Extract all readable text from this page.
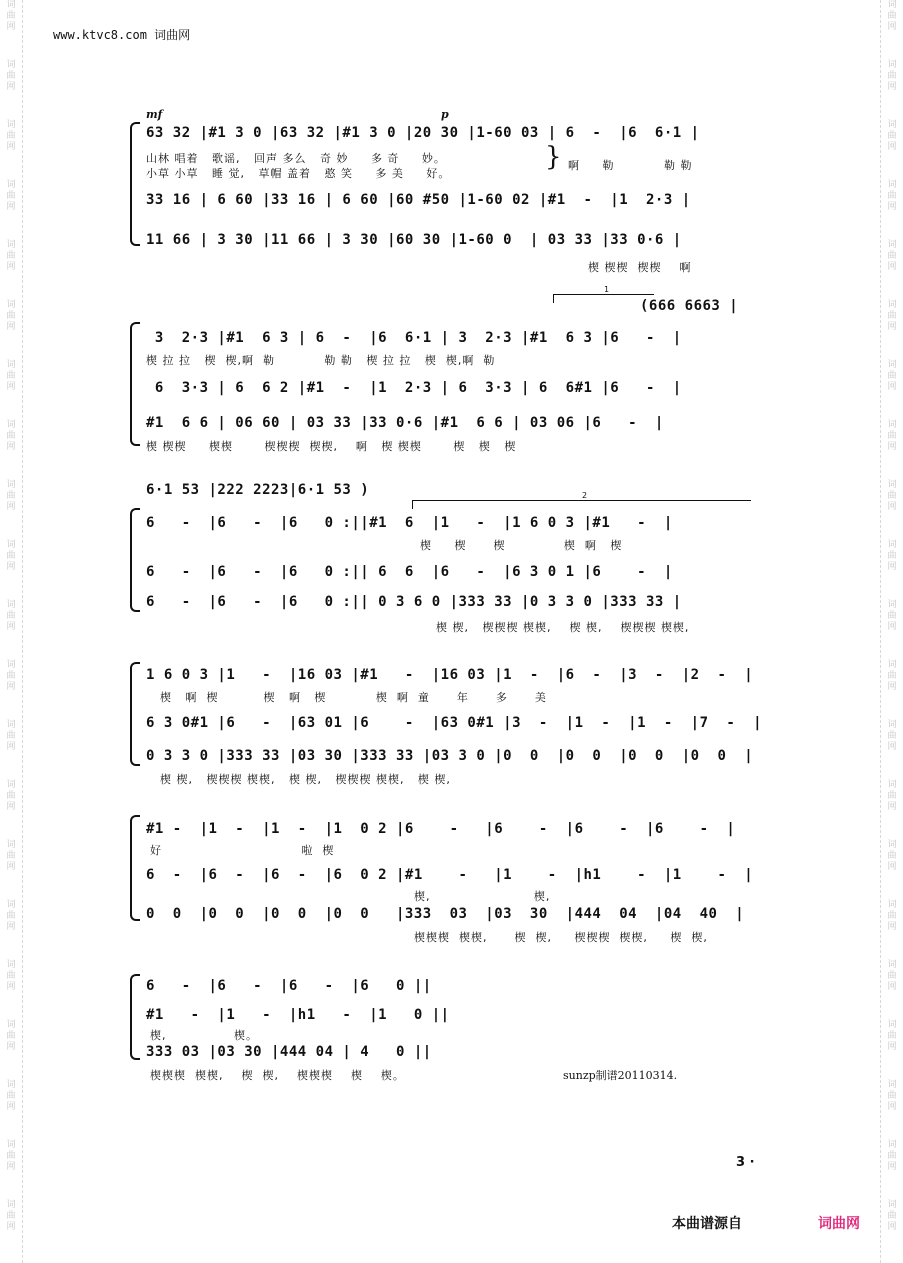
词
曲
网
词
曲
网
词
曲
网
词
曲
网
词
曲
网
词
曲
网
词
曲
网
词
曲
网
词
曲
网
词
曲
网
词
曲
网
词
曲
网
词
曲
网
词
曲
网
词
曲
网
词
曲
网
词
曲
网
词
曲
网
词
曲
网
词
曲
网
词
曲
网
词
曲
网
词
曲
网
词
曲
网
词
曲
网
词
曲
网
词
曲
网
词
曲
网
词
曲
网
词
曲
网
词
曲
网
词
曲
网
词
曲
网
词
曲
网
词
曲
网
词
曲
网
词
曲
网
词
曲
网
词
曲
网
词
曲
网
词
曲
网
词
曲
网
www.ktvc8.com 词曲网
mf	p
63 32 |#1 3 0 |63 32 |#1 3 0 |20 30 |1-60 03 | 6  -  |6  6·1 |
山林 唱着   歌谣,   回声 多么   奇 妙     多 奇     妙。
小草 小草   睡 觉,   草帽 盖着   憨 笑     多 美     好。
} 啊     勒           勒 勒
33 16 | 6 60 |33 16 | 6 60 |60 #50 |1-60 02 |#1  -  |1  2·3 |
11 66 | 3 30 |11 66 | 3 30 |60 30 |1-60 0  | 03 33 |33 0·6 |
楔 楔楔  楔楔    啊
1
(666 6663 |
3  2·3 |#1  6 3 | 6  -  |6  6·1 | 3  2·3 |#1  6 3 |6   -  |
楔 拉 拉   楔  楔,啊  勒           勒 勒   楔 拉 拉   楔  楔,啊  勒
6  3·3 | 6  6 2 |#1  -  |1  2·3 | 6  3·3 | 6  6#1 |6   -  |
#1  6 6 | 06 60 | 03 33 |33 0·6 |#1  6 6 | 03 06 |6   -  |
楔 楔楔     楔楔       楔楔楔  楔楔,    啊   楔 楔楔       楔   楔   楔
6·1 53 |222 2223|6·1 53 )	2
6   -  |6   -  |6   0 :||#1  6  |1   -  |1 6 0 3 |#1   -  |
楔     楔      楔             楔  啊   楔
6   -  |6   -  |6   0 :|| 6  6  |6   -  |6 3 0 1 |6    -  |
6   -  |6   -  |6   0 :|| 0 3 6 0 |333 33 |0 3 3 0 |333 33 |
楔 楔,   楔楔楔 楔楔,    楔 楔,    楔楔楔 楔楔,
1 6 0 3 |1   -  |16 03 |#1   -  |16 03 |1  -  |6  -  |3  -  |2  -  |
楔   啊  楔          楔   啊   楔           楔  啊  童      年      多      美
6 3 0#1 |6   -  |63 01 |6    -  |63 0#1 |3  -  |1  -  |1  -  |7  -  |
0 3 3 0 |333 33 |03 30 |333 33 |03 3 0 |0  0  |0  0  |0  0  |0  0  |
楔 楔,   楔楔楔 楔楔,   楔 楔,   楔楔楔 楔楔,   楔 楔,
#1 -  |1  -  |1  -  |1  0 2 |6    -   |6    -  |6    -  |6    -  |
好                               啦  楔
6  -  |6  -  |6  -  |6  0 2 |#1    -   |1    -  |h1    -  |1    -  |
楔,                       楔,
0  0  |0  0  |0  0  |0  0   |333  03  |03  30  |444  04  |04  40  |
楔楔楔  楔楔,      楔  楔,     楔楔楔  楔楔,     楔  楔,
6   -  |6   -  |6   -  |6   0 ||
#1   -  |1   -  |h1   -  |1   0 ||
楔,               楔。
333 03 |03 30 |444 04 | 4   0 ||
楔楔楔  楔楔,    楔  楔,    楔楔楔    楔    楔。	sunzp制谱20110314.
3 ·
本曲谱源自	词曲网
